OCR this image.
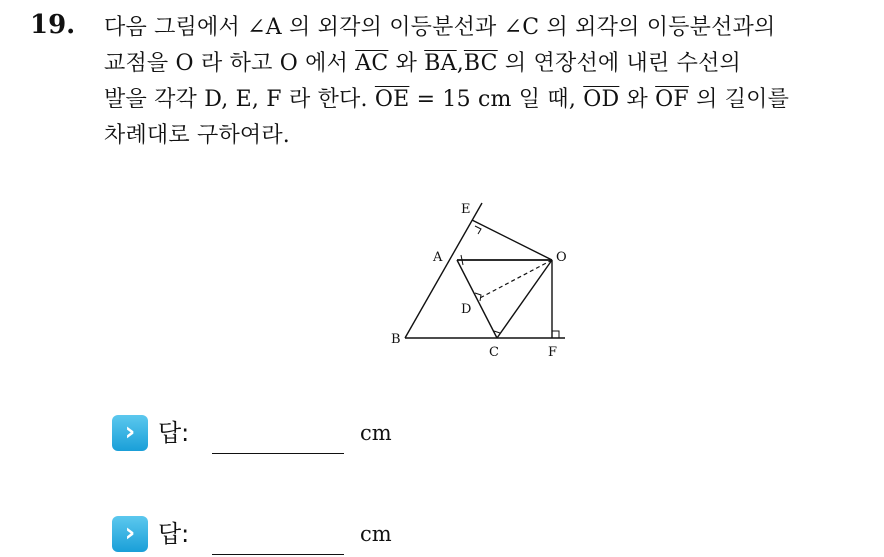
19. 다음 그림에서 ∠A 의 외각의 이등분선과 ∠C 의 외각의 이등분선과의
교점을 O 라 하고 O 에서 $\overline{AC}$ 와 $\overline{BA},\overline{BC}$ 의 연장선에 내린 수선의
발을 각각 D, E, F 라 한다. $\overline{OE} = 15$ cm 일 때, $\overline{OD}$ 와 $\overline{OF}$ 의 길이를
차례대로 구하여라.
E
A	O
D
B
C	F
› 답:	cm
› 답:	cm
